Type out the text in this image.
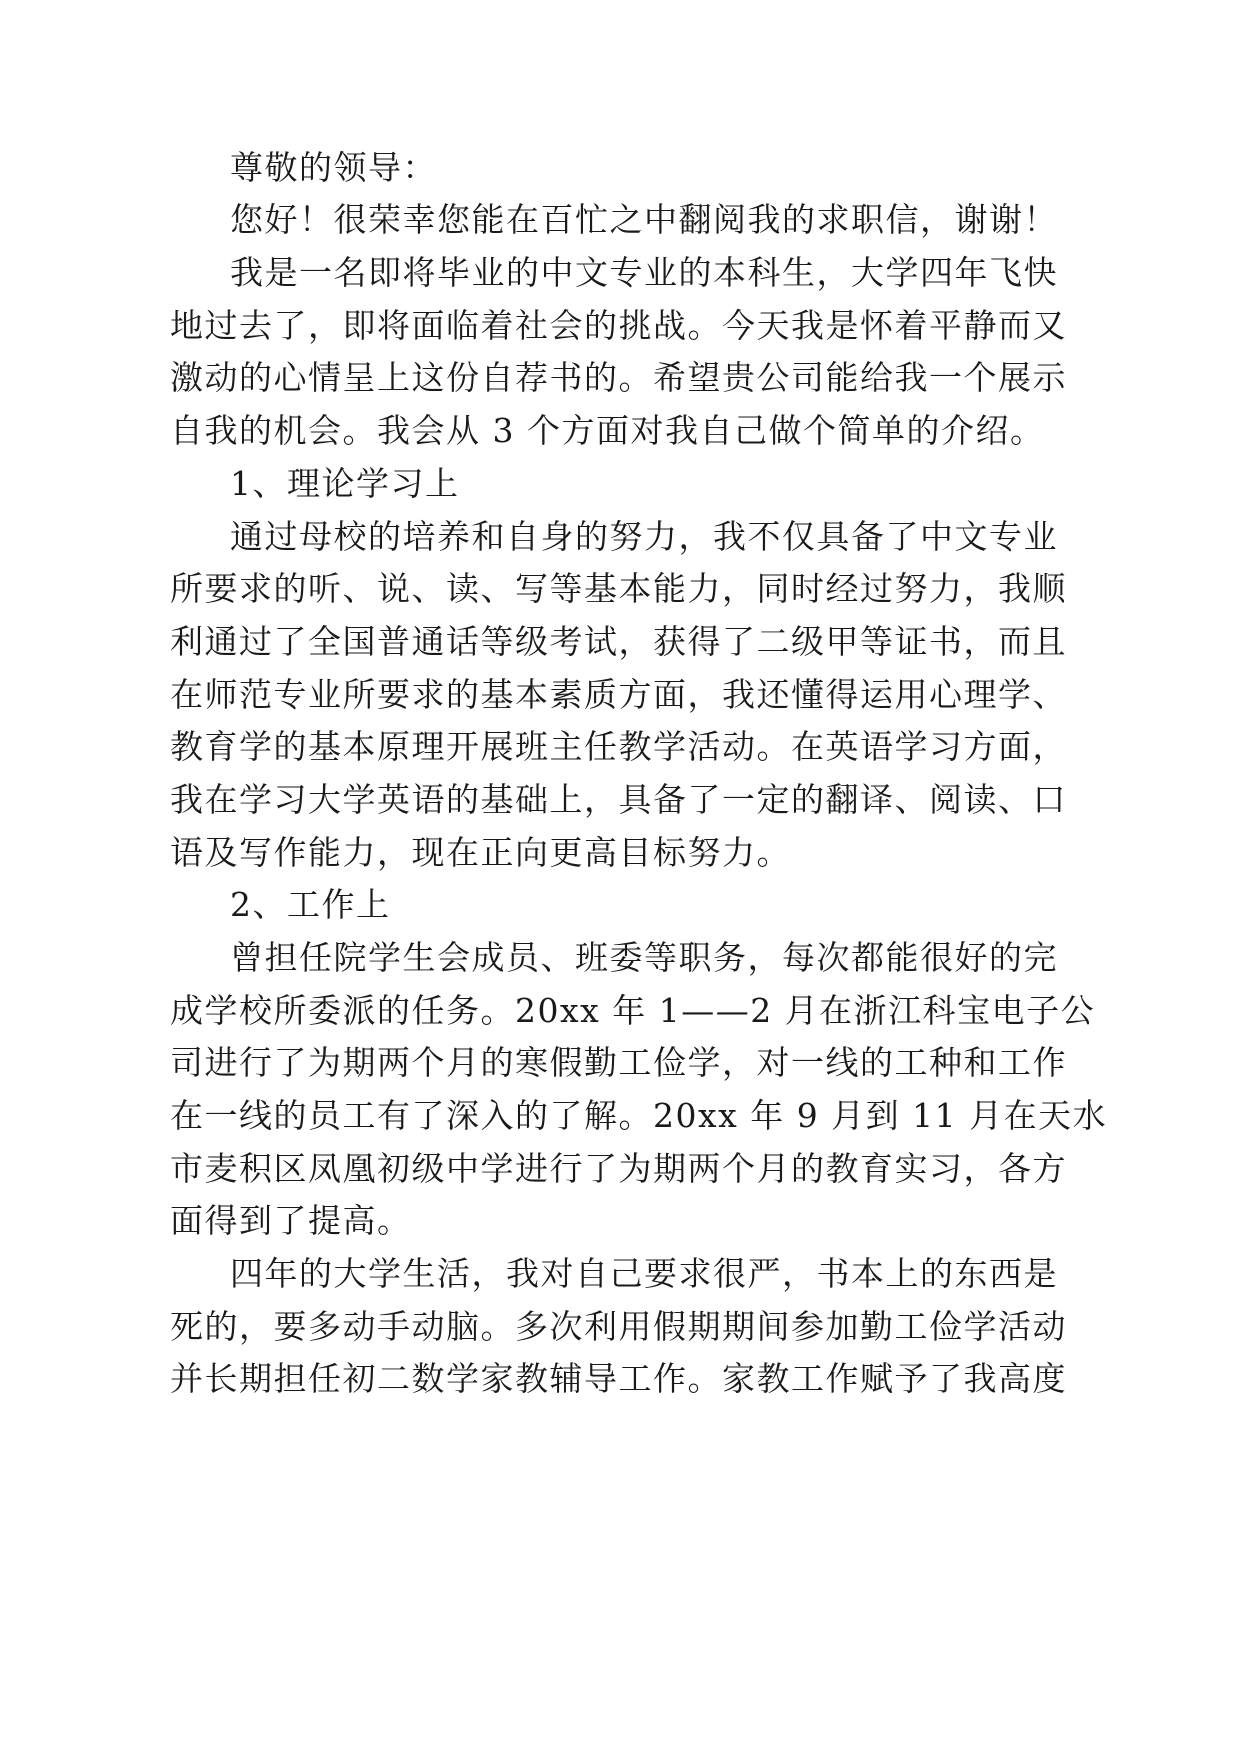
尊敬的领导：

您好！很荣幸您能在百忙之中翻阅我的求职信，谢谢！

我是一名即将毕业的中文专业的本科生，大学四年飞快

地过去了，即将面临着社会的挑战。今天我是怀着平静而又

激动的心情呈上这份自荐书的。希望贵公司能给我一个展示

自我的机会。我会从 3 个方面对我自己做个简单的介绍。

1、理论学习上

通过母校的培养和自身的努力，我不仅具备了中文专业

所要求的听、说、读、写等基本能力，同时经过努力，我顺

利通过了全国普通话等级考试，获得了二级甲等证书，而且

在师范专业所要求的基本素质方面，我还懂得运用心理学、

教育学的基本原理开展班主任教学活动。在英语学习方面，

我在学习大学英语的基础上，具备了一定的翻译、阅读、口

语及写作能力，现在正向更高目标努力。

2、工作上

曾担任院学生会成员、班委等职务，每次都能很好的完

成学校所委派的任务。20xx 年 1——2 月在浙江科宝电子公

司进行了为期两个月的寒假勤工俭学，对一线的工种和工作

在一线的员工有了深入的了解。20xx 年 9 月到 11 月在天水

市麦积区凤凰初级中学进行了为期两个月的教育实习，各方

面得到了提高。

四年的大学生活，我对自己要求很严，书本上的东西是

死的，要多动手动脑。多次利用假期期间参加勤工俭学活动

并长期担任初二数学家教辅导工作。家教工作赋予了我高度
